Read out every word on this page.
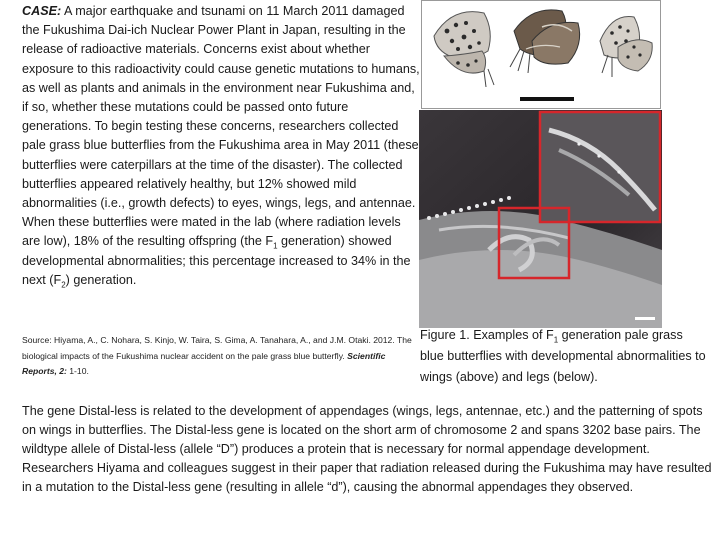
CASE: A major earthquake and tsunami on 11 March 2011 damaged the Fukushima Dai-ich Nuclear Power Plant in Japan, resulting in the release of radioactive materials. Concerns exist about whether exposure to this radioactivity could cause genetic mutations to humans, as well as plants and animals in the environment near Fukushima and, if so, whether these mutations could be passed onto future generations. To begin testing these concerns, researchers collected pale grass blue butterflies from the Fukushima area in May 2011 (these butterflies were caterpillars at the time of the disaster). The collected butterflies appeared relatively healthy, but 12% showed mild abnormalities (i.e., growth defects) to eyes, wings, legs, and antennae. When these butterflies were mated in the lab (where radiation levels are low), 18% of the resulting offspring (the $F_1$ generation) showed developmental abnormalities; this percentage increased to 34% in the next $(F_2)$ generation.
Source: Hiyama, A., C. Nohara, S. Kinjo, W. Taira, S. Gima, A. Tanahara, A., and J.M. Otaki. 2012. The biological impacts of the Fukushima nuclear accident on the pale grass blue butterfly. Scientific Reports, 2: 1-10.
Figure 1. Examples of $F_1$ generation pale grass blue butterflies with developmental abnormalities to wings (above) and legs (below).
The gene Distal-less is related to the development of appendages (wings, legs, antennae, etc.) and the patterning of spots on wings in butterflies. The Distal-less gene is located on the short arm of chromosome 2 and spans 3202 base pairs. The wildtype allele of Distal-less (allele “D”) produces a protein that is necessary for normal appendage development. Researchers Hiyama and colleagues suggest in their paper that radiation released during the Fukushima may have resulted in a mutation to the Distal-less gene (resulting in allele “d”), causing the abnormal appendages they observed.
